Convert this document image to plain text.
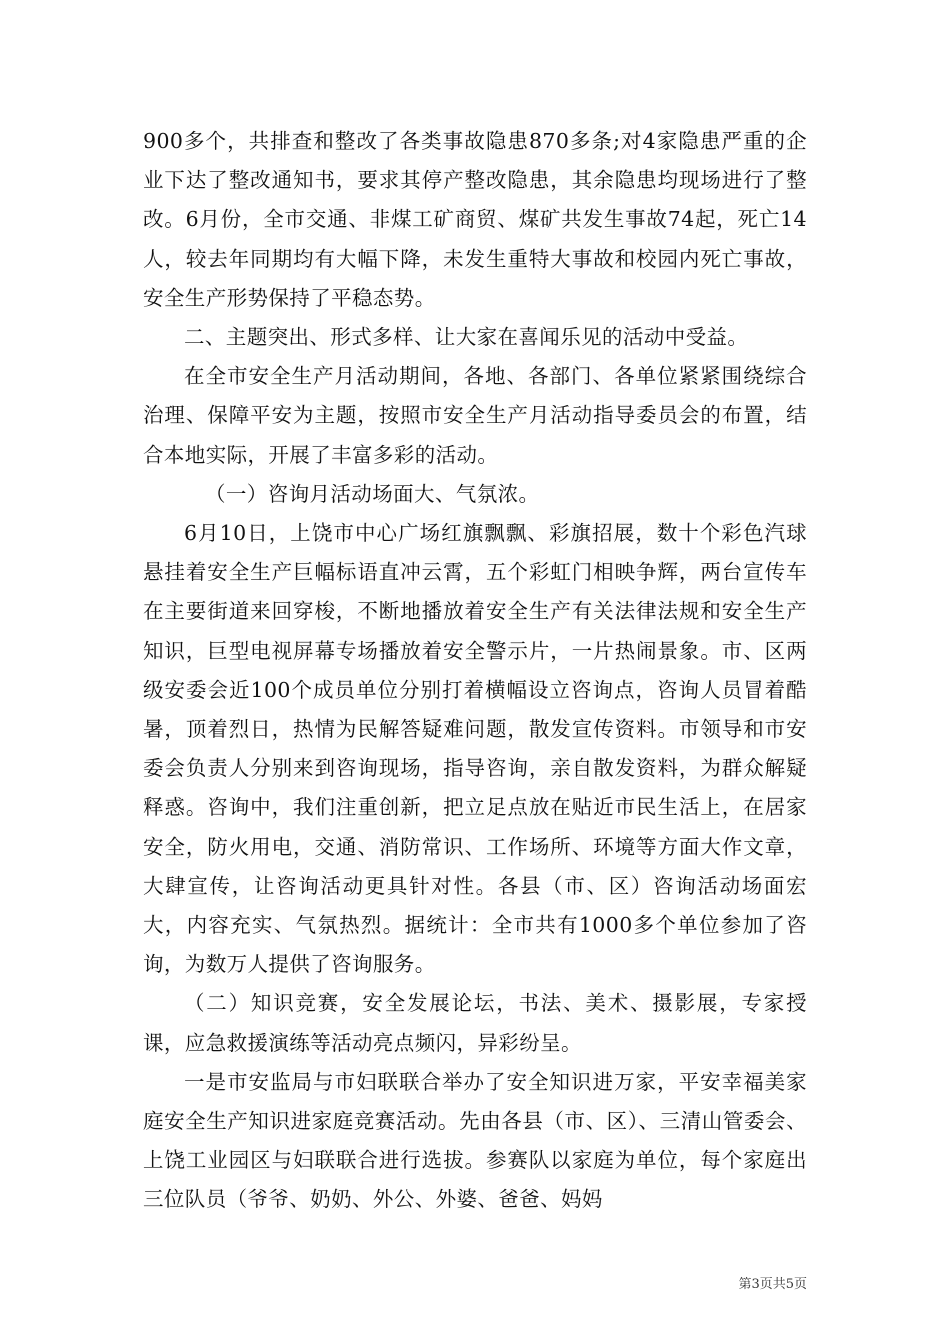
900多个，共排查和整改了各类事故隐患870多条;对4家隐患严重的企业下达了整改通知书，要求其停产整改隐患，其余隐患均现场进行了整改。6月份，全市交通、非煤工矿商贸、煤矿共发生事故74起，死亡14人，较去年同期均有大幅下降，未发生重特大事故和校园内死亡事故，安全生产形势保持了平稳态势。

二、主题突出、形式多样、让大家在喜闻乐见的活动中受益。

在全市安全生产月活动期间，各地、各部门、各单位紧紧围绕综合治理、保障平安为主题，按照市安全生产月活动指导委员会的布置，结合本地实际，开展了丰富多彩的活动。

（一）咨询月活动场面大、气氛浓。

6月10日，上饶市中心广场红旗飘飘、彩旗招展，数十个彩色汽球悬挂着安全生产巨幅标语直冲云霄，五个彩虹门相映争辉，两台宣传车在主要街道来回穿梭，不断地播放着安全生产有关法律法规和安全生产知识，巨型电视屏幕专场播放着安全警示片，一片热闹景象。市、区两级安委会近100个成员单位分别打着横幅设立咨询点，咨询人员冒着酷暑，顶着烈日，热情为民解答疑难问题，散发宣传资料。市领导和市安委会负责人分别来到咨询现场，指导咨询，亲自散发资料，为群众解疑释惑。咨询中，我们注重创新，把立足点放在贴近市民生活上，在居家安全，防火用电，交通、消防常识、工作场所、环境等方面大作文章，大肆宣传，让咨询活动更具针对性。各县（市、区）咨询活动场面宏大，内容充实、气氛热烈。据统计：全市共有1000多个单位参加了咨询，为数万人提供了咨询服务。

（二）知识竞赛，安全发展论坛，书法、美术、摄影展，专家授课，应急救援演练等活动亮点频闪，异彩纷呈。

一是市安监局与市妇联联合举办了安全知识进万家，平安幸福美家庭安全生产知识进家庭竞赛活动。先由各县（市、区）、三清山管委会、上饶工业园区与妇联联合进行选拔。参赛队以家庭为单位，每个家庭出三位队员（爷爷、奶奶、外公、外婆、爸爸、妈妈

第3页共5页
